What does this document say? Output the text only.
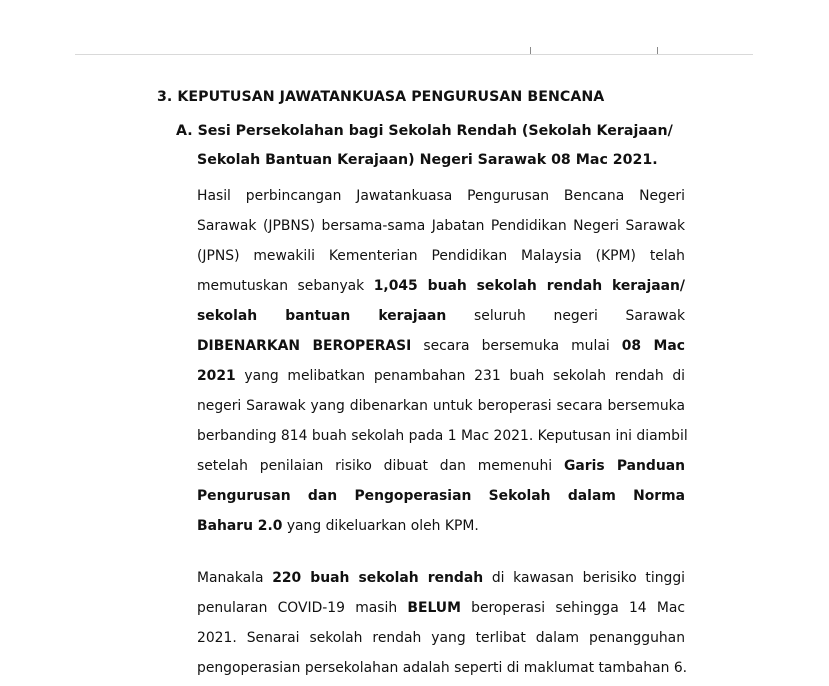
3. KEPUTUSAN JAWATANKUASA PENGURUSAN BENCANA
A. Sesi Persekolahan bagi Sekolah Rendah (Sekolah Kerajaan/
Sekolah Bantuan Kerajaan) Negeri Sarawak 08 Mac 2021.
Hasil perbincangan Jawatankuasa Pengurusan Bencana Negeri
Sarawak (JPBNS) bersama-sama Jabatan Pendidikan Negeri Sarawak
(JPNS) mewakili Kementerian Pendidikan Malaysia (KPM) telah
memutuskan sebanyak 1,045 buah sekolah rendah kerajaan/
sekolah bantuan kerajaan seluruh negeri Sarawak
DIBENARKAN BEROPERASI secara bersemuka mulai 08 Mac
2021 yang melibatkan penambahan 231 buah sekolah rendah di
negeri Sarawak yang dibenarkan untuk beroperasi secara bersemuka
berbanding 814 buah sekolah pada 1 Mac 2021. Keputusan ini diambil
setelah penilaian risiko dibuat dan memenuhi Garis Panduan
Pengurusan dan Pengoperasian Sekolah dalam Norma
Baharu 2.0 yang dikeluarkan oleh KPM.
Manakala 220 buah sekolah rendah di kawasan berisiko tinggi
penularan COVID-19 masih BELUM beroperasi sehingga 14 Mac
2021. Senarai sekolah rendah yang terlibat dalam penangguhan
pengoperasian persekolahan adalah seperti di maklumat tambahan 6.
